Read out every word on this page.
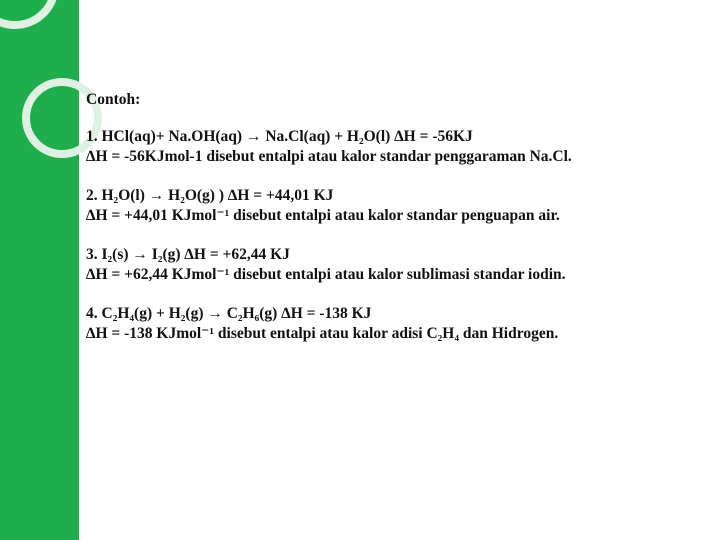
Contoh:
1. HCl(aq)+ Na.OH(aq) → Na.Cl(aq) + H₂O(l) ∆H = -56KJ
∆H = -56KJmol-1 disebut entalpi atau kalor standar penggaraman Na.Cl.
2. H₂O(l) → H₂O(g) ) ∆H = +44,01 KJ
∆H = +44,01 KJmol⁻¹ disebut entalpi atau kalor standar penguapan air.
3. I₂(s) → I₂(g) ∆H = +62,44 KJ
∆H = +62,44 KJmol⁻¹ disebut entalpi atau kalor sublimasi standar iodin.
4. C₂H₄(g) + H₂(g) → C₂H₆(g) ∆H = -138 KJ
∆H = -138 KJmol⁻¹ disebut entalpi atau kalor adisi C₂H₄ dan Hidrogen.
